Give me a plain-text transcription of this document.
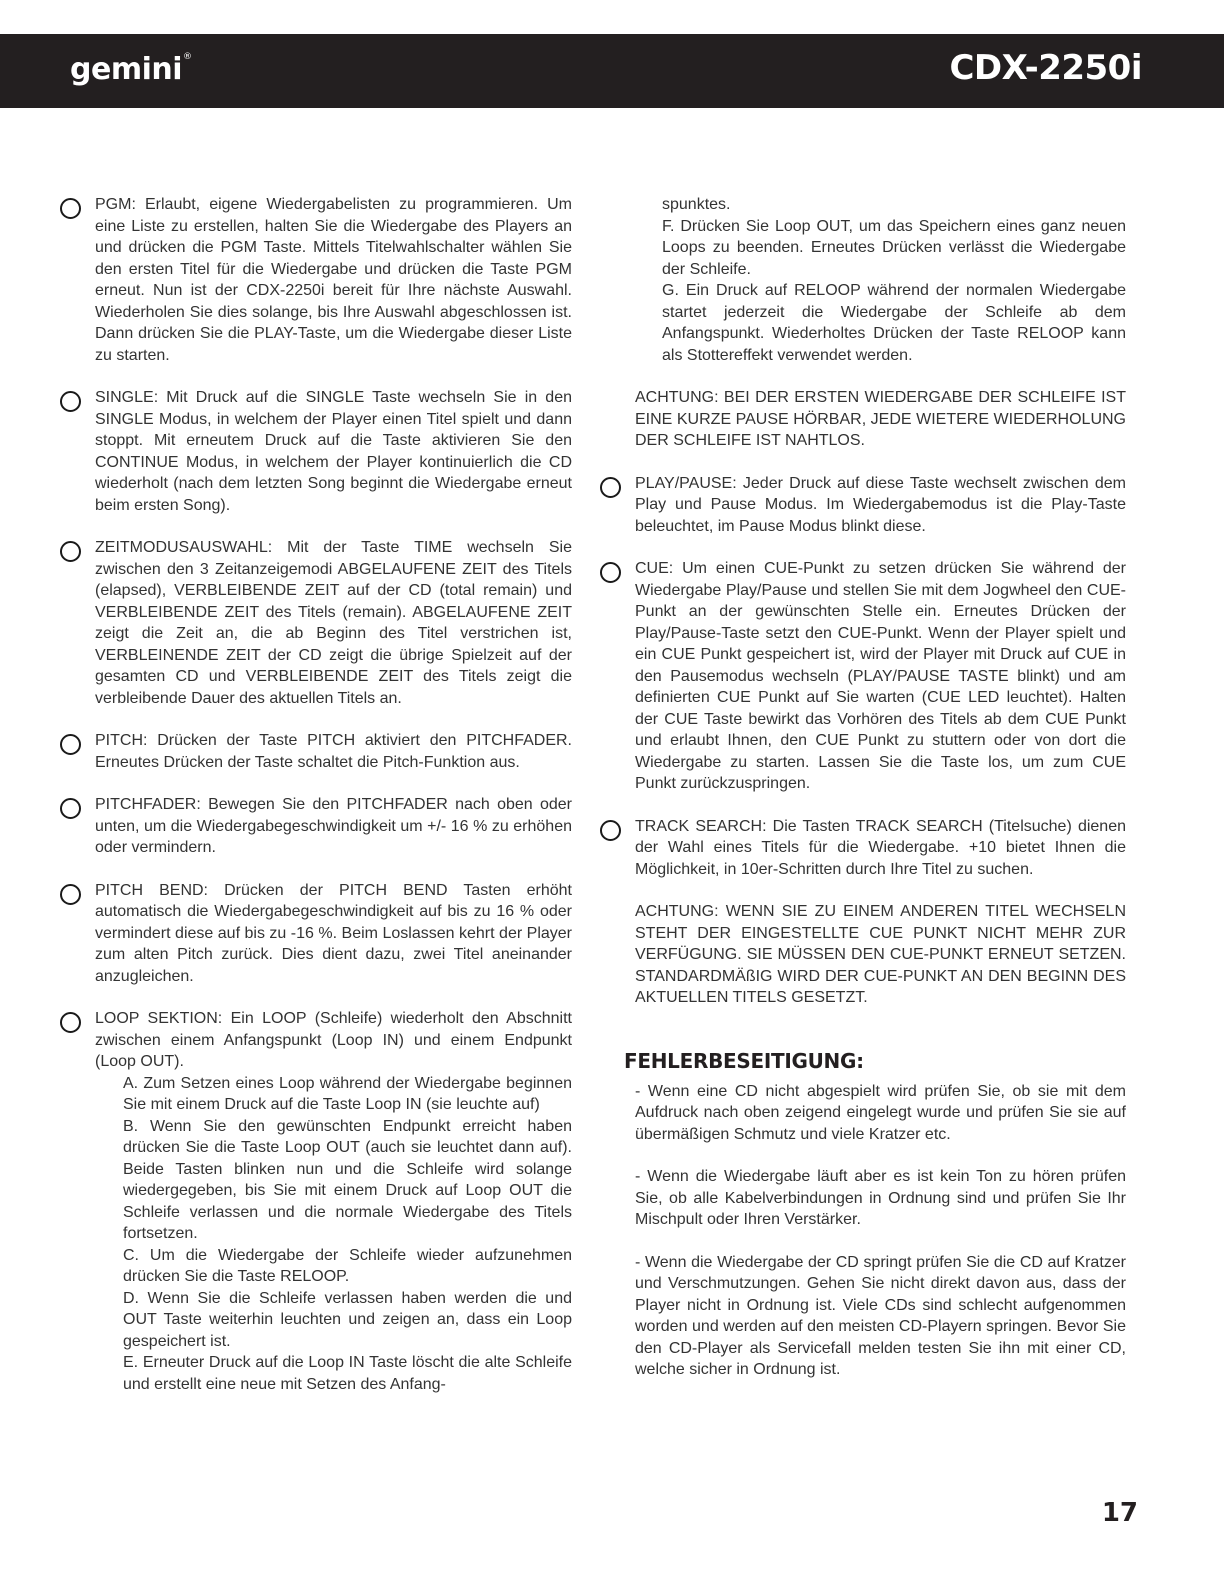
gemini®	CDX-2250i

PGM: Erlaubt, eigene Wiedergabelisten zu programmieren. Um eine Liste zu erstellen, halten Sie die Wiedergabe des Players an und drücken die PGM Taste. Mittels Titelwahlschalter wählen Sie den ersten Titel für die Wiedergabe und drücken die Taste PGM erneut. Nun ist der CDX-2250i bereit für Ihre nächste Auswahl. Wiederholen Sie dies solange, bis Ihre Auswahl abgeschlossen ist. Dann drücken Sie die PLAY-Taste, um die Wiedergabe dieser Liste zu starten.

SINGLE: Mit Druck auf die SINGLE Taste wechseln Sie in den SINGLE Modus, in welchem der Player einen Titel spielt und dann stoppt. Mit erneutem Druck auf die Taste aktivieren Sie den CONTINUE Modus, in welchem der Player kontinuierlich die CD wiederholt (nach dem letzten Song beginnt die Wiedergabe erneut beim ersten Song).

ZEITMODUSAUSWAHL: Mit der Taste TIME wechseln Sie zwischen den 3 Zeitanzeigemodi ABGELAUFENE ZEIT des Titels (elapsed), VERBLEIBENDE ZEIT auf der CD (total remain) und VERBLEIBENDE ZEIT des Titels (remain). ABGELAUFENE ZEIT zeigt die Zeit an, die ab Beginn des Titel verstrichen ist, VERBLEINENDE ZEIT der CD zeigt die übrige Spielzeit auf der gesamten CD und VERBLEIBENDE ZEIT des Titels zeigt die verbleibende Dauer des aktuellen Titels an.

PITCH: Drücken der Taste PITCH aktiviert den PITCHFADER. Erneutes Drücken der Taste schaltet die Pitch-Funktion aus.

PITCHFADER: Bewegen Sie den PITCHFADER nach oben oder unten, um die Wiedergabegeschwindigkeit um +/- 16 % zu erhöhen oder vermindern.

PITCH BEND: Drücken der PITCH BEND Tasten erhöht automatisch die Wiedergabegeschwindigkeit auf bis zu 16 % oder vermindert diese auf bis zu -16 %. Beim Loslassen kehrt der Player zum alten Pitch zurück. Dies dient dazu, zwei Titel aneinander anzugleichen.

LOOP SEKTION: Ein LOOP (Schleife) wiederholt den Abschnitt zwischen einem Anfangspunkt (Loop IN) und einem Endpunkt (Loop OUT).

A. Zum Setzen eines Loop während der Wiedergabe beginnen Sie mit einem Druck auf die Taste Loop IN (sie leuchte auf)

B. Wenn Sie den gewünschten Endpunkt erreicht haben drücken Sie die Taste Loop OUT (auch sie leuchtet dann auf). Beide Tasten blinken nun und die Schleife wird solange wiedergegeben, bis Sie mit einem Druck auf Loop OUT die Schleife verlassen und die normale Wiedergabe des Titels fortsetzen.

C. Um die Wiedergabe der Schleife wieder aufzunehmen drücken Sie die Taste RELOOP.

D. Wenn Sie die Schleife verlassen haben werden die und OUT Taste weiterhin leuchten und zeigen an, dass ein Loop gespeichert ist.

E. Erneuter Druck auf die Loop IN Taste löscht die alte Schleife und erstellt eine neue mit Setzen des Anfang-

spunktes.

F. Drücken Sie Loop OUT, um das Speichern eines ganz neuen Loops zu beenden. Erneutes Drücken verlässt die Wiedergabe der Schleife.

G. Ein Druck auf RELOOP während der normalen Wiedergabe startet jederzeit die Wiedergabe der Schleife ab dem Anfangspunkt. Wiederholtes Drücken der Taste RELOOP kann als Stottereffekt verwendet werden.

ACHTUNG: BEI DER ERSTEN WIEDERGABE DER SCHLEIFE IST EINE KURZE PAUSE HÖRBAR, JEDE WIETERE WIEDERHOLUNG DER SCHLEIFE IST NAHTLOS.

PLAY/PAUSE: Jeder Druck auf diese Taste wechselt zwischen dem Play und Pause Modus. Im Wiedergabemodus ist die Play-Taste beleuchtet, im Pause Modus blinkt diese.

CUE: Um einen CUE-Punkt zu setzen drücken Sie während der Wiedergabe Play/Pause und stellen Sie mit dem Jogwheel den CUE-Punkt an der gewünschten Stelle ein. Erneutes Drücken der Play/Pause-Taste setzt den CUE-Punkt. Wenn der Player spielt und ein CUE Punkt gespeichert ist, wird der Player mit Druck auf CUE in den Pausemodus wechseln (PLAY/PAUSE TASTE blinkt) und am definierten CUE Punkt auf Sie warten (CUE LED leuchtet). Halten der CUE Taste bewirkt das Vorhören des Titels ab dem CUE Punkt und erlaubt Ihnen, den CUE Punkt zu stuttern oder von dort die Wiedergabe zu starten. Lassen Sie die Taste los, um zum CUE Punkt zurückzuspringen.

TRACK SEARCH: Die Tasten TRACK SEARCH (Titelsuche) dienen der Wahl eines Titels für die Wiedergabe. +10 bietet Ihnen die Möglichkeit, in 10er-Schritten durch Ihre Titel zu suchen.

ACHTUNG: WENN SIE ZU EINEM ANDEREN TITEL WECHSELN STEHT DER EINGESTELLTE CUE PUNKT NICHT MEHR ZUR VERFÜGUNG. SIE MÜSSEN DEN CUE-PUNKT ERNEUT SETZEN. STANDARDMÄßIG WIRD DER CUE-PUNKT AN DEN BEGINN DES AKTUELLEN TITELS GESETZT.

FEHLERBESEITIGUNG:

- Wenn eine CD nicht abgespielt wird prüfen Sie, ob sie mit dem Aufdruck nach oben zeigend eingelegt wurde und prüfen Sie sie auf übermäßigen Schmutz und viele Kratzer etc.

- Wenn die Wiedergabe läuft aber es ist kein Ton zu hören prüfen Sie, ob alle Kabelverbindungen in Ordnung sind und prüfen Sie Ihr Mischpult oder Ihren Verstärker.

- Wenn die Wiedergabe der CD springt prüfen Sie die CD auf Kratzer und Verschmutzungen. Gehen Sie nicht direkt davon aus, dass der Player nicht in Ordnung ist. Viele CDs sind schlecht aufgenommen worden und werden auf den meisten CD-Playern springen. Bevor Sie den CD-Player als Servicefall melden testen Sie ihn mit einer CD, welche sicher in Ordnung ist.

17
